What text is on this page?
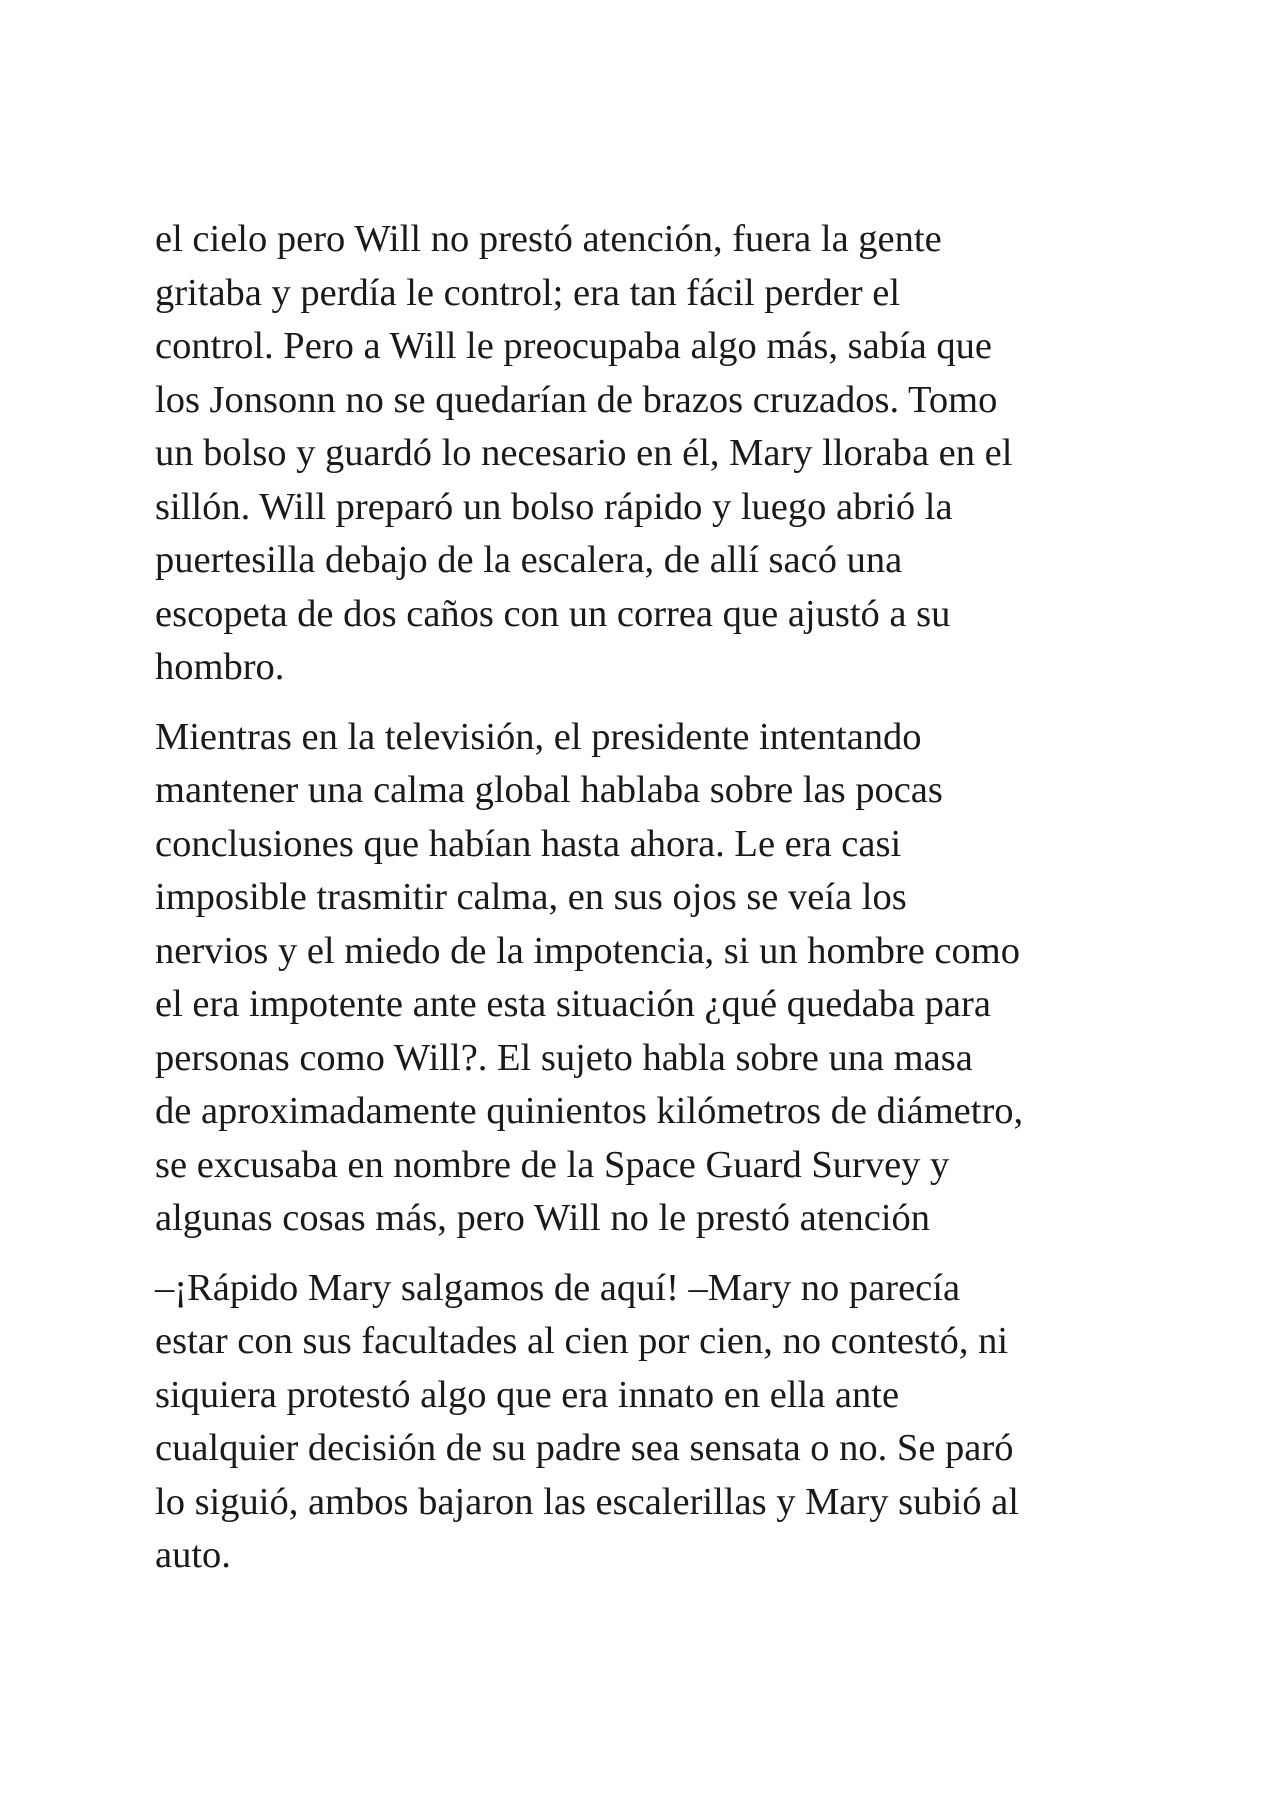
el cielo pero Will no prestó atención, fuera la gente
gritaba y perdía le control; era tan fácil perder el
control. Pero a Will le preocupaba algo más, sabía que
los Jonsonn no se quedarían de brazos cruzados. Tomo
un bolso y guardó lo necesario en él, Mary lloraba en el
sillón. Will preparó un bolso rápido y luego abrió la
puertesilla debajo de la escalera, de allí sacó una
escopeta de dos caños con un correa que ajustó a su
hombro.

Mientras en la televisión, el presidente intentando
mantener una calma global hablaba sobre las pocas
conclusiones que habían hasta ahora. Le era casi
imposible trasmitir calma, en sus ojos se veía los
nervios y el miedo de la impotencia, si un hombre como
el era impotente ante esta situación ¿qué quedaba para
personas como Will?. El sujeto habla sobre una masa
de aproximadamente quinientos kilómetros de diámetro,
se excusaba en nombre de la Space Guard Survey y
algunas cosas más, pero Will no le prestó atención

–¡Rápido Mary salgamos de aquí! –Mary no parecía
estar con sus facultades al cien por cien, no contestó, ni
siquiera protestó algo que era innato en ella ante
cualquier decisión de su padre sea sensata o no. Se paró
lo siguió, ambos bajaron las escalerillas y Mary subió al
auto.
